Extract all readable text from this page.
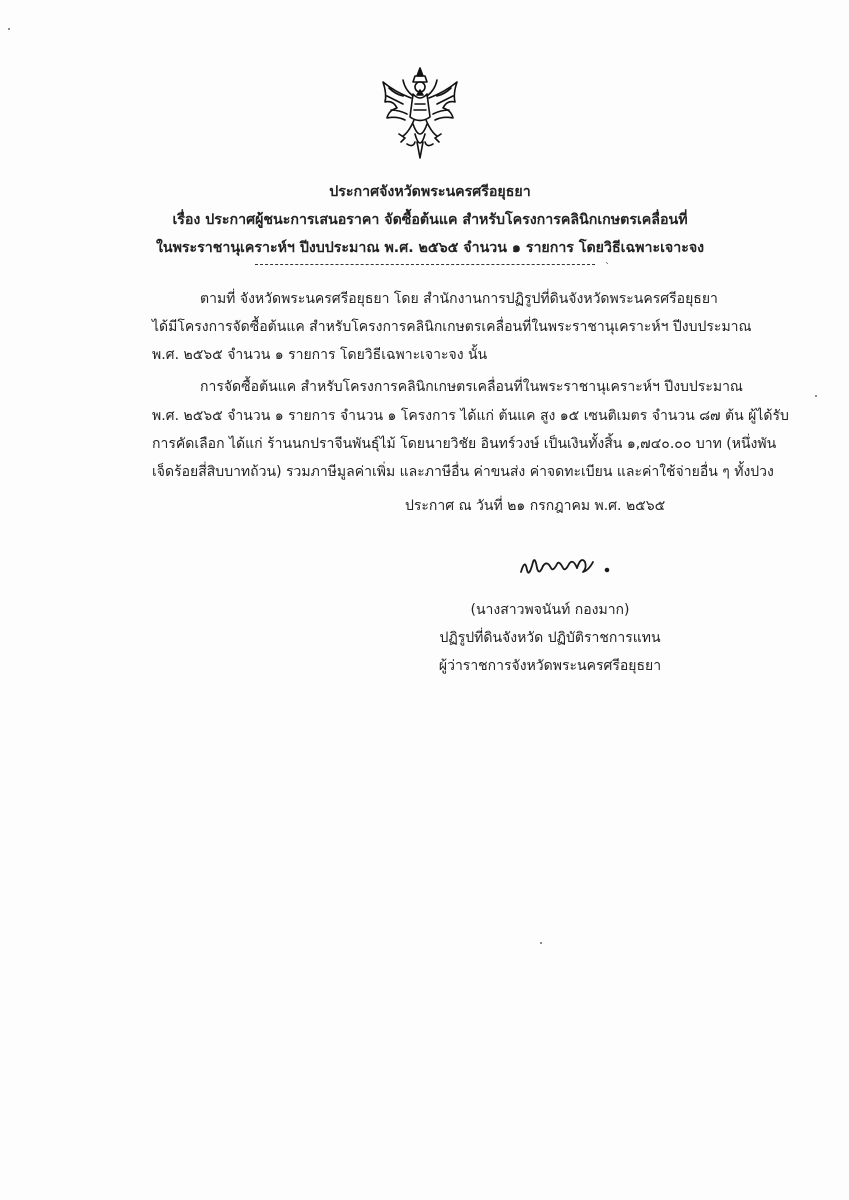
ประกาศจังหวัดพระนครศรีอยุธยา
เรื่อง ประกาศผู้ชนะการเสนอราคา จัดซื้อต้นแค สำหรับโครงการคลินิกเกษตรเคลื่อนที่
ในพระราชานุเคราะห์ฯ ปีงบประมาณ พ.ศ. ๒๕๖๕ จำนวน ๑ รายการ โดยวิธีเฉพาะเจาะจง
`
ตามที่ จังหวัดพระนครศรีอยุธยา โดย สำนักงานการปฏิรูปที่ดินจังหวัดพระนครศรีอยุธยา
ได้มีโครงการจัดซื้อต้นแค สำหรับโครงการคลินิกเกษตรเคลื่อนที่ในพระราชานุเคราะห์ฯ ปีงบประมาณ
พ.ศ. ๒๕๖๕ จำนวน ๑ รายการ โดยวิธีเฉพาะเจาะจง นั้น
การจัดซื้อต้นแค สำหรับโครงการคลินิกเกษตรเคลื่อนที่ในพระราชานุเคราะห์ฯ ปีงบประมาณ
พ.ศ. ๒๕๖๕ จำนวน ๑ รายการ จำนวน ๑ โครงการ ได้แก่ ต้นแค สูง ๑๕ เซนติเมตร จำนวน ๘๗ ต้น ผู้ได้รับ
การคัดเลือก ได้แก่ ร้านนกปราจีนพันธุ์ไม้ โดยนายวิชัย อินทร์วงษ์ เป็นเงินทั้งสิ้น ๑,๗๔๐.๐๐ บาท (หนึ่งพัน
เจ็ดร้อยสี่สิบบาทถ้วน) รวมภาษีมูลค่าเพิ่ม และภาษีอื่น ค่าขนส่ง ค่าจดทะเบียน และค่าใช้จ่ายอื่น ๆ ทั้งปวง
ประกาศ ณ วันที่ ๒๑ กรกฎาคม พ.ศ. ๒๕๖๕
(นางสาวพจนันท์ กองมาก)
ปฏิรูปที่ดินจังหวัด ปฏิบัติราชการแทน
ผู้ว่าราชการจังหวัดพระนครศรีอยุธยา
